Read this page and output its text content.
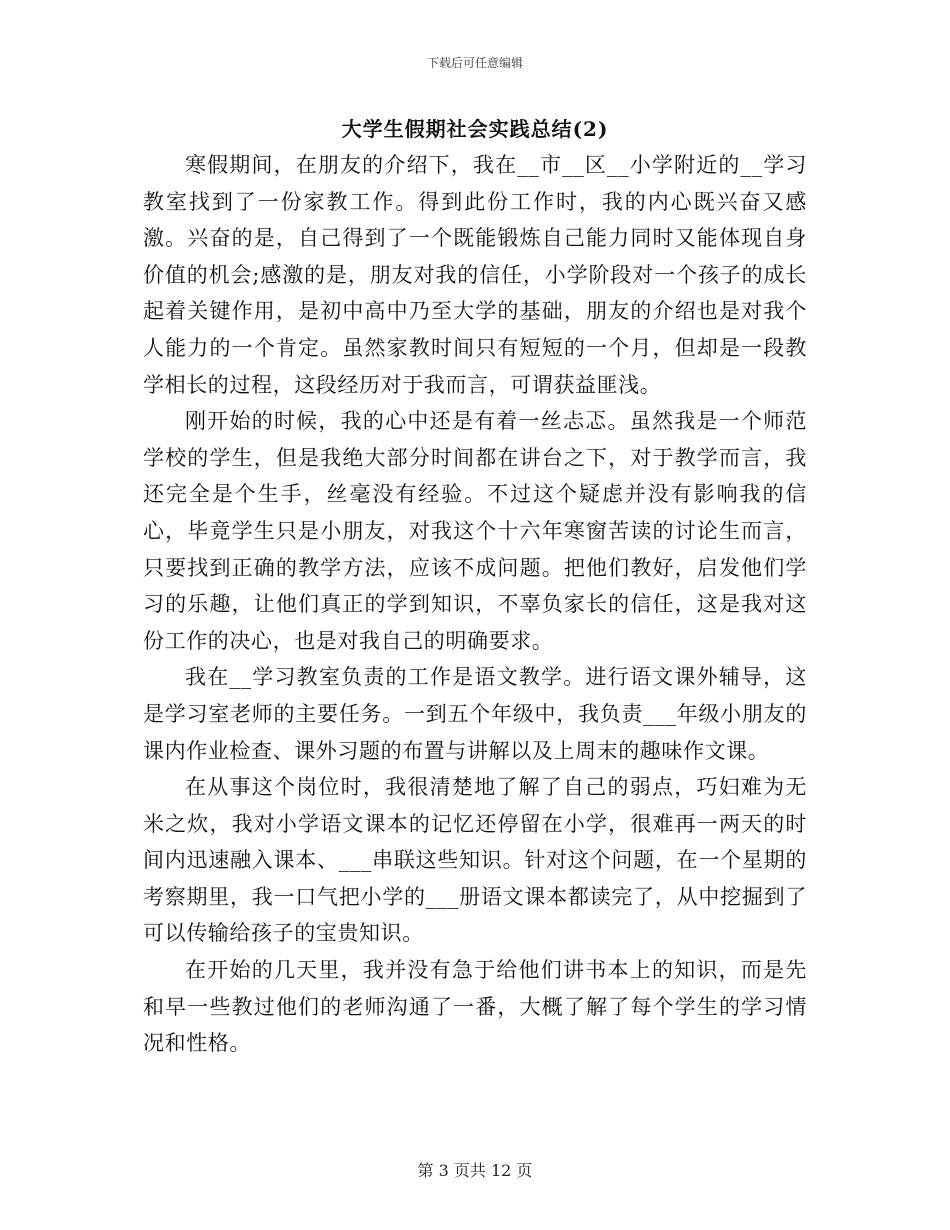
下载后可任意编辑
大学生假期社会实践总结(2)

寒假期间，在朋友的介绍下，我在__市__区__小学附近的__学习教室找到了一份家教工作。得到此份工作时，我的内心既兴奋又感激。兴奋的是，自己得到了一个既能锻炼自己能力同时又能体现自身价值的机会;感激的是，朋友对我的信任，小学阶段对一个孩子的成长起着关键作用，是初中高中乃至大学的基础，朋友的介绍也是对我个人能力的一个肯定。虽然家教时间只有短短的一个月，但却是一段教学相长的过程，这段经历对于我而言，可谓获益匪浅。

刚开始的时候，我的心中还是有着一丝忐忑。虽然我是一个师范学校的学生，但是我绝大部分时间都在讲台之下，对于教学而言，我还完全是个生手，丝毫没有经验。不过这个疑虑并没有影响我的信心，毕竟学生只是小朋友，对我这个十六年寒窗苦读的讨论生而言，只要找到正确的教学方法，应该不成问题。把他们教好，启发他们学习的乐趣，让他们真正的学到知识，不辜负家长的信任，这是我对这份工作的决心，也是对我自己的明确要求。

我在__学习教室负责的工作是语文教学。进行语文课外辅导，这是学习室老师的主要任务。一到五个年级中，我负责___年级小朋友的课内作业检查、课外习题的布置与讲解以及上周末的趣味作文课。

在从事这个岗位时，我很清楚地了解了自己的弱点，巧妇难为无米之炊，我对小学语文课本的记忆还停留在小学，很难再一两天的时间内迅速融入课本、___串联这些知识。针对这个问题，在一个星期的考察期里，我一口气把小学的___册语文课本都读完了，从中挖掘到了可以传输给孩子的宝贵知识。

在开始的几天里，我并没有急于给他们讲书本上的知识，而是先和早一些教过他们的老师沟通了一番，大概了解了每个学生的学习情况和性格。

第 3 页共 12 页
